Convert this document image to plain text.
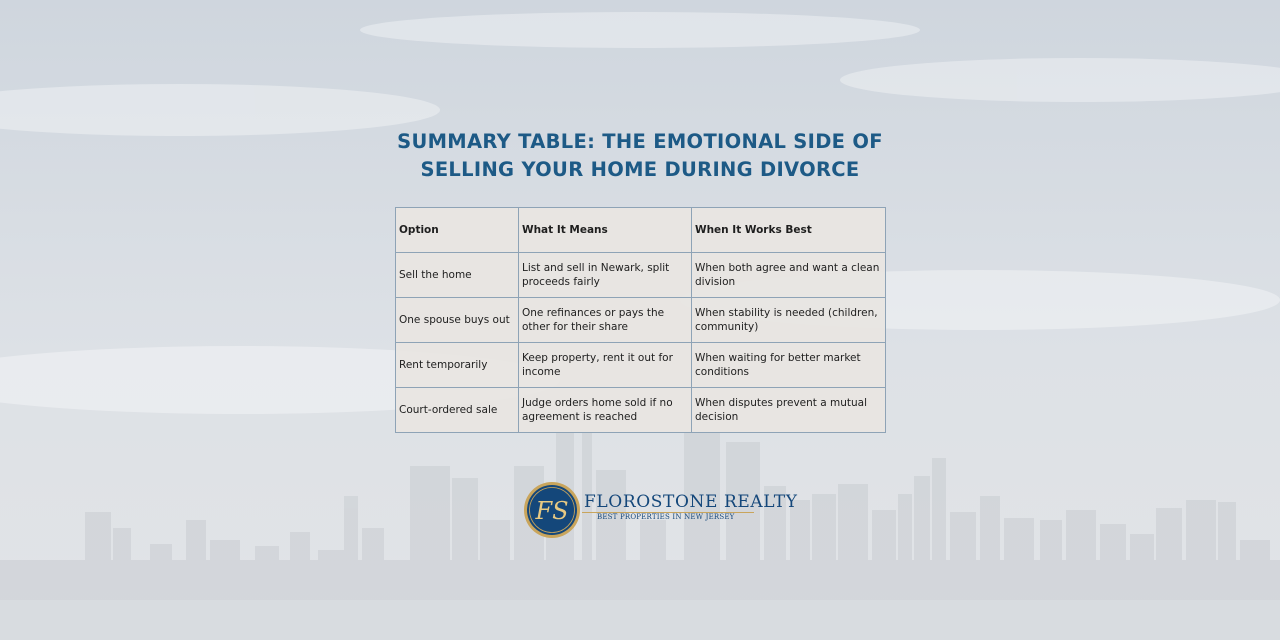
SUMMARY TABLE: THE EMOTIONAL SIDE OF
SELLING YOUR HOME DURING DIVORCE
Option	What It Means	When It Works Best
Sell the home	List and sell in Newark, split proceeds fairly	When both agree and want a clean division
One spouse buys out	One refinances or pays the other for their share	When stability is needed (children, community)
Rent temporarily	Keep property, rent it out for income	When waiting for better market conditions
Court-ordered sale	Judge orders home sold if no agreement is reached	When disputes prevent a mutual decision
FS FLOROSTONE REALTY
BEST PROPERTIES IN NEW JERSEY
